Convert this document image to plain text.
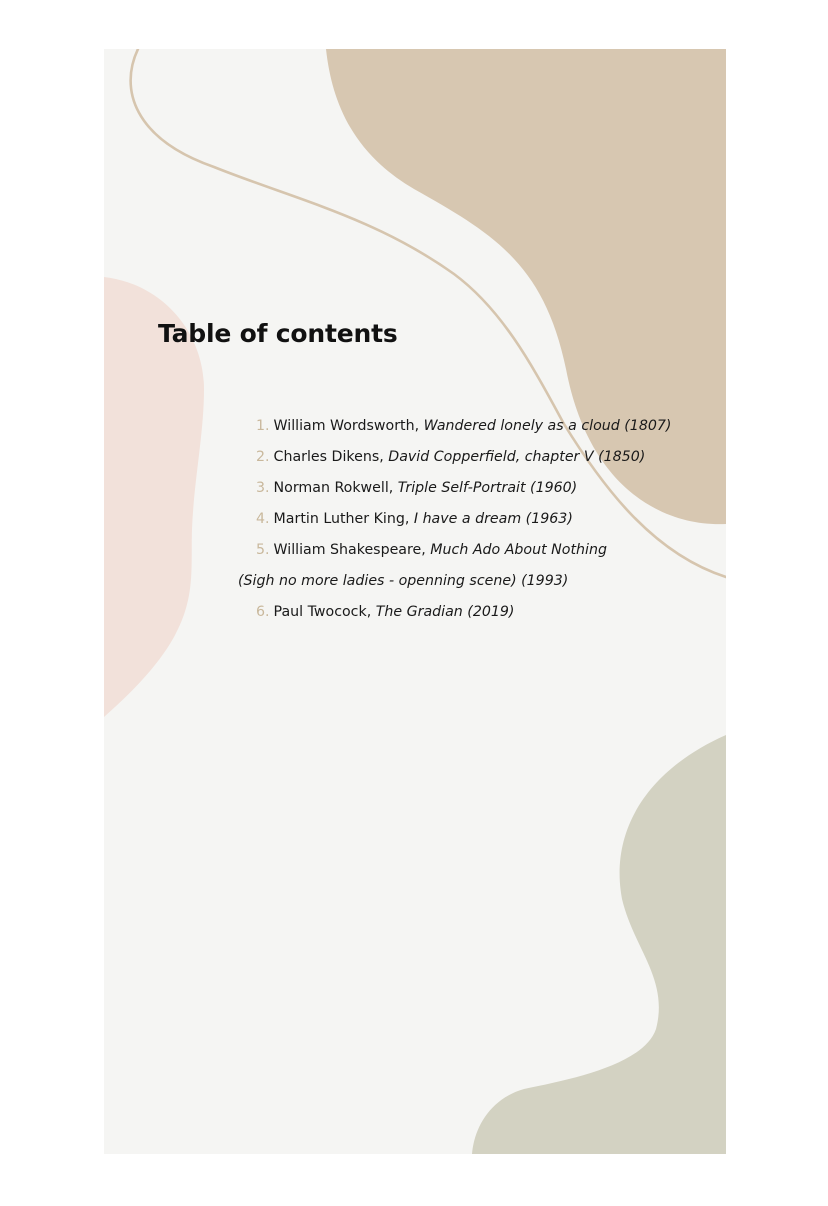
Table of contents
1. William Wordsworth, Wandered lonely as a cloud (1807)
2. Charles Dikens, David Copperfield, chapter V (1850)
3. Norman Rokwell, Triple Self-Portrait (1960)
4. Martin Luther King, I have a dream (1963)
5. William Shakespeare, Much Ado About Nothing
(Sigh no more ladies - openning scene) (1993)
6. Paul Twocock, The Gradian (2019)
